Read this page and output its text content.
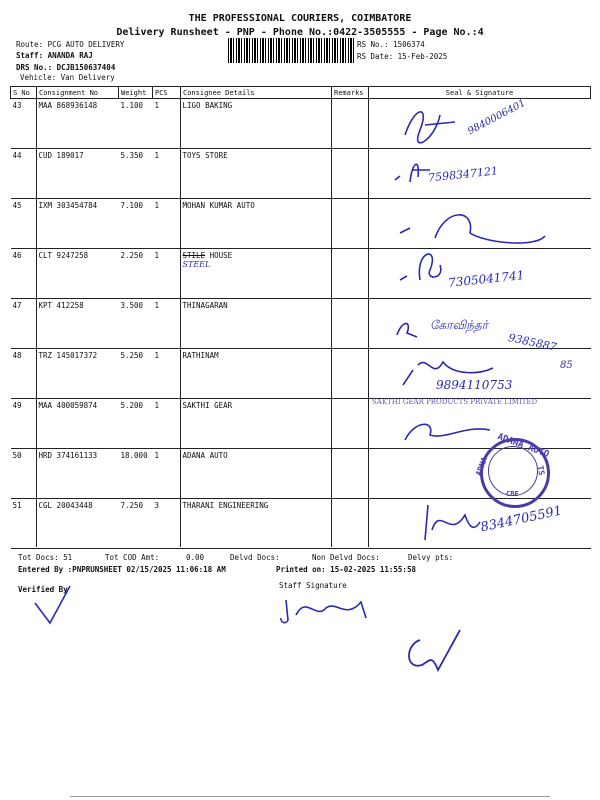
THE PROFESSIONAL COURIERS, COIMBATORE
Delivery Runsheet - PNP - Phone No.:0422-3505555 - Page No.:4
Route: PCG AUTO DELIVERY
Staff: ANANDA RAJ
DRS No.: DCJB150637404
Vehicle: Van Delivery
RS No.: 1506374
RS Date: 15-Feb-2025
S No	Consignment No	Weight	PCS	Consignee Details	Remarks	Seal & Signature
43	MAA 868936148	1.100	1	LIGO BAKING		
44	CUD 189017	5.350	1	TOYS STORE		
45	IXM 303454784	7.100	1	MOHAN KUMAR AUTO		
46	CLT 9247258	2.250	1	STILE HOUSE
STEEL		
47	KPT 412258	3.500	1	THINAGARAN		
48	TRZ 145017372	5.250	1	RATHINAM		
49	MAA 400059874	5.200	1	SAKTHI GEAR		
50	HRD 374161133	18.000	1	ADANA AUTO		
51	CGL 20043448	7.250	3	THARANI ENGINEERING		
9840006401
7598347121
7305041741
கோவிந்தர்
9385887
85
9894110753
SAKTHI GEAR PRODUCTS PRIVATE LIMITED
ADANA AUTO
ADNA	TS
CBE
8344705591
Tot Docs: 51	Tot COD Amt:	0.00	Delvd Docs:	Non Delvd Docs:	Delvy pts:
Entered By :PNPRUNSHEET 02/15/2025 11:06:18 AM	Printed on: 15-02-2025 11:55:58
Verified By	Staff Signature
